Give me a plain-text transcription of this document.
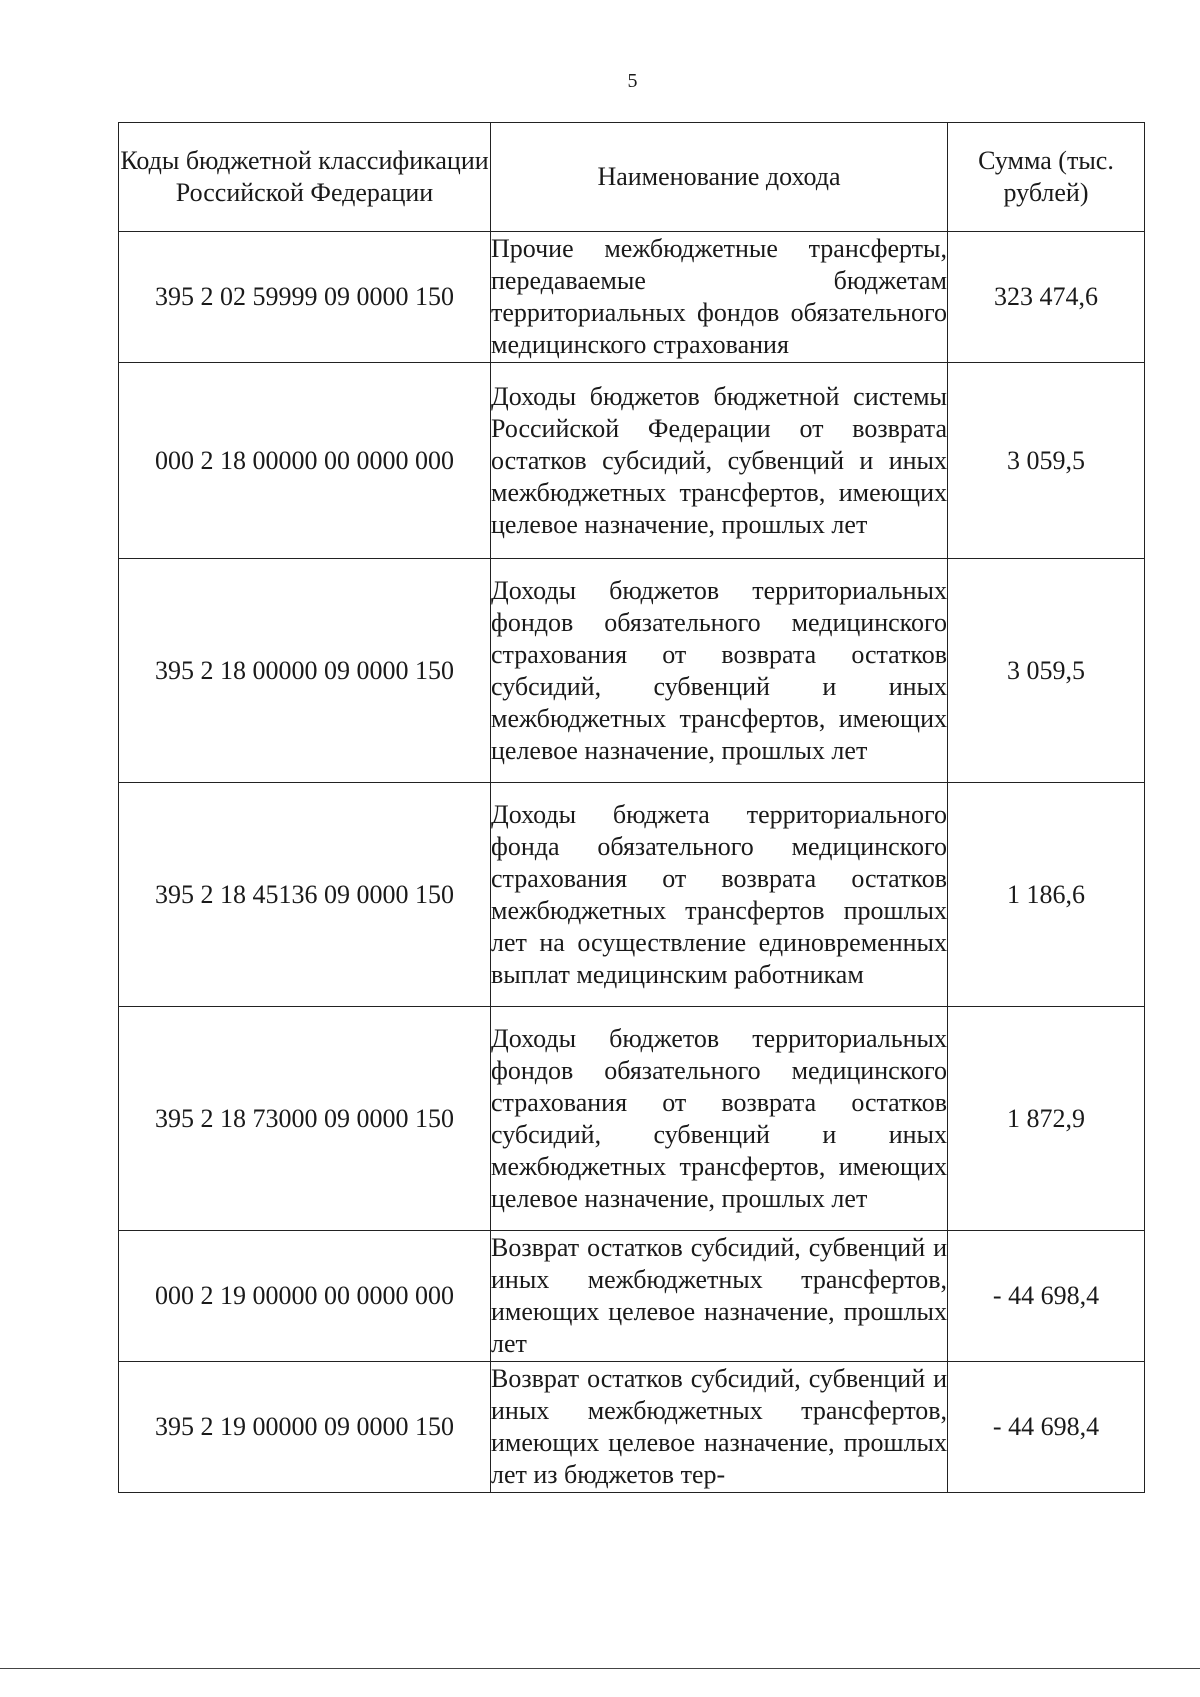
5
Коды бюджетной классификации Российской Федерации	Наименование дохода	Сумма (тыс. рублей)
395 2 02 59999 09 0000 150	Прочие межбюджетные трансферты, передаваемые бюджетам территориальных фондов обязательного медицинского страхования	323 474,6
000 2 18 00000 00 0000 000	Доходы бюджетов бюджетной системы Российской Федерации от возврата остатков субсидий, субвенций и иных межбюджетных трансфертов, имеющих целевое назначение, прошлых лет	3 059,5
395 2 18 00000 09 0000 150	Доходы бюджетов территориальных фондов обязательного медицинского страхования от возврата остатков субсидий, субвенций и иных межбюджетных трансфертов, имеющих целевое назначение, прошлых лет	3 059,5
395 2 18 45136 09 0000 150	Доходы бюджета территориального фонда обязательного медицинского страхования от возврата остатков межбюджетных трансфертов прошлых лет на осуществление единовременных выплат медицинским работникам	1 186,6
395 2 18 73000 09 0000 150	Доходы бюджетов территориальных фондов обязательного медицинского страхования от возврата остатков субсидий, субвенций и иных межбюджетных трансфертов, имеющих целевое назначение, прошлых лет	1 872,9
000 2 19 00000 00 0000 000	Возврат остатков субсидий, субвенций и иных межбюджетных трансфертов, имеющих целевое назначение, прошлых лет	- 44 698,4
395 2 19 00000 09 0000 150	Возврат остатков субсидий, субвенций и иных межбюджетных трансфертов, имеющих целевое назначение, прошлых лет из бюджетов тер-	- 44 698,4
